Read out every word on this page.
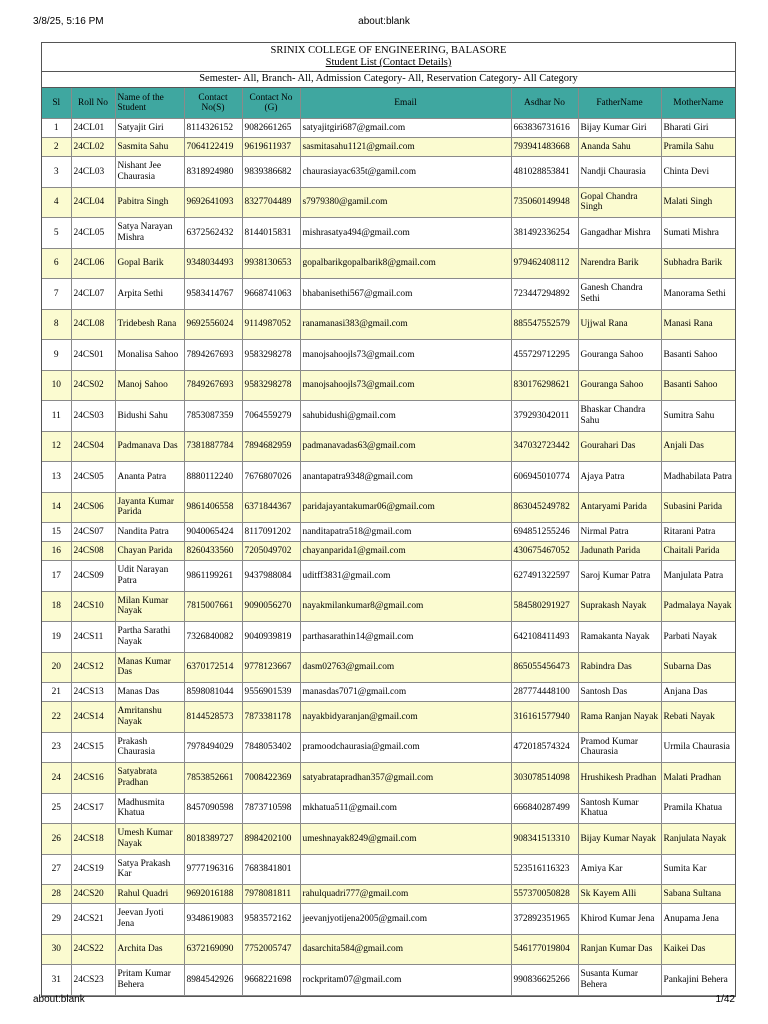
3/8/25, 5:16 PM	about:blank
SRINIX COLLEGE OF ENGINEERING, BALASORE
Student List (Contact Details)
Semester- All, Branch- All, Admission Category- All, Reservation Category- All Category
Sl	Roll No	Name of the Student	Contact No(S)	Contact No (G)	Email	Asdhar No	FatherName	MotherName
1	24CL01	Satyajit Giri	8114326152	9082661265	satyajitgiri687@gmail.com	663836731616	Bijay Kumar Giri	Bharati Giri
2	24CL02	Sasmita Sahu	7064122419	9619611937	sasmitasahu1121@gmail.com	793941483668	Ananda Sahu	Pramila Sahu
3	24CL03	Nishant Jee Chaurasia	8318924980	9839386682	chaurasiayac635t@gamil.com	481028853841	Nandji Chaurasia	Chinta Devi
4	24CL04	Pabitra Singh	9692641093	8327704489	s7979380@gamil.com	735060149948	Gopal Chandra Singh	Malati Singh
5	24CL05	Satya Narayan Mishra	6372562432	8144015831	mishrasatya494@gmail.com	381492336254	Gangadhar Mishra	Sumati Mishra
6	24CL06	Gopal Barik	9348034493	9938130653	gopalbarikgopalbarik8@gmail.com	979462408112	Narendra Barik	Subhadra Barik
7	24CL07	Arpita Sethi	9583414767	9668741063	bhabanisethi567@gmail.com	723447294892	Ganesh Chandra Sethi	Manorama Sethi
8	24CL08	Tridebesh Rana	9692556024	9114987052	ranamanasi383@gmail.com	885547552579	Ujjwal Rana	Manasi Rana
9	24CS01	Monalisa Sahoo	7894267693	9583298278	manojsahoojls73@gmail.com	455729712295	Gouranga Sahoo	Basanti Sahoo
10	24CS02	Manoj Sahoo	7849267693	9583298278	manojsahoojls73@gmail.com	830176298621	Gouranga Sahoo	Basanti Sahoo
11	24CS03	Bidushi Sahu	7853087359	7064559279	sahubidushi@gmail.com	379293042011	Bhaskar Chandra Sahu	Sumitra Sahu
12	24CS04	Padmanava Das	7381887784	7894682959	padmanavadas63@gmail.com	347032723442	Gourahari Das	Anjali Das
13	24CS05	Ananta Patra	8880112240	7676807026	anantapatra9348@gmail.com	606945010774	Ajaya Patra	Madhabilata Patra
14	24CS06	Jayanta Kumar Parida	9861406558	6371844367	paridajayantakumar06@gmail.com	863045249782	Antaryami Parida	Subasini Parida
15	24CS07	Nandita Patra	9040065424	8117091202	nanditapatra518@gmail.com	694851255246	Nirmal Patra	Ritarani Patra
16	24CS08	Chayan Parida	8260433560	7205049702	chayanparida1@gmail.com	430675467052	Jadunath Parida	Chaitali Parida
17	24CS09	Udit Narayan Patra	9861199261	9437988084	uditff3831@gmail.com	627491322597	Saroj Kumar Patra	Manjulata Patra
18	24CS10	Milan Kumar Nayak	7815007661	9090056270	nayakmilankumar8@gmail.com	584580291927	Suprakash Nayak	Padmalaya Nayak
19	24CS11	Partha Sarathi Nayak	7326840082	9040939819	parthasarathin14@gmail.com	642108411493	Ramakanta Nayak	Parbati Nayak
20	24CS12	Manas Kumar Das	6370172514	9778123667	dasm02763@gmail.com	865055456473	Rabindra Das	Subarna Das
21	24CS13	Manas Das	8598081044	9556901539	manasdas7071@gmail.com	287774448100	Santosh Das	Anjana Das
22	24CS14	Amritanshu Nayak	8144528573	7873381178	nayakbidyaranjan@gmail.com	316161577940	Rama Ranjan Nayak	Rebati Nayak
23	24CS15	Prakash Chaurasia	7978494029	7848053402	pramoodchaurasia@gmail.com	472018574324	Pramod Kumar Chaurasia	Urmila Chaurasia
24	24CS16	Satyabrata Pradhan	7853852661	7008422369	satyabratapradhan357@gmail.com	303078514098	Hrushikesh Pradhan	Malati Pradhan
25	24CS17	Madhusmita Khatua	8457090598	7873710598	mkhatua511@gmail.com	666840287499	Santosh Kumar Khatua	Pramila Khatua
26	24CS18	Umesh Kumar Nayak	8018389727	8984202100	umeshnayak8249@gmail.com	908341513310	Bijay Kumar Nayak	Ranjulata Nayak
27	24CS19	Satya Prakash Kar	9777196316	7683841801		523516116323	Amiya Kar	Sumita Kar
28	24CS20	Rahul Quadri	9692016188	7978081811	rahulquadri777@gmail.com	557370050828	Sk Kayem Alli	Sabana Sultana
29	24CS21	Jeevan Jyoti Jena	9348619083	9583572162	jeevanjyotijena2005@gmail.com	372892351965	Khirod Kumar Jena	Anupama Jena
30	24CS22	Archita Das	6372169090	7752005747	dasarchita584@gmail.com	546177019804	Ranjan Kumar Das	Kaikei Das
31	24CS23	Pritam Kumar Behera	8984542926	9668221698	rockpritam07@gmail.com	990836625266	Susanta Kumar Behera	Pankajini Behera
about:blank	1/42
